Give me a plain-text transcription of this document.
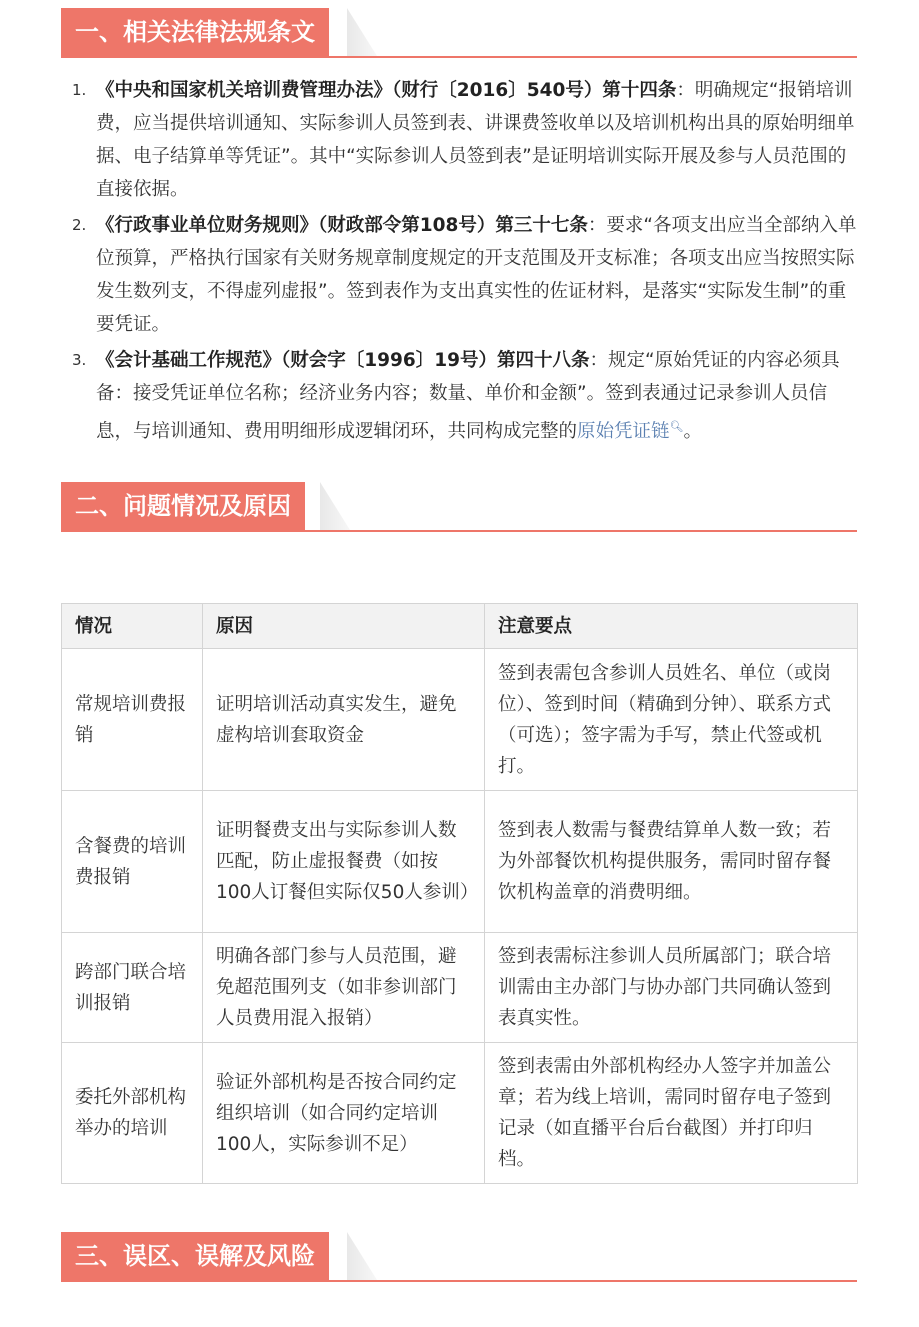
一、相关法律法规条文
1. 《中央和国家机关培训费管理办法》（财行〔2016〕540号）第十四条：明确规定“报销培训费，应当提供培训通知、实际参训人员签到表、讲课费签收单以及培训机构出具的原始明细单据、电子结算单等凭证”。其中“实际参训人员签到表”是证明培训实际开展及参与人员范围的直接依据。
2. 《行政事业单位财务规则》（财政部令第108号）第三十七条：要求“各项支出应当全部纳入单位预算，严格执行国家有关财务规章制度规定的开支范围及开支标准；各项支出应当按照实际发生数列支，不得虚列虚报”。签到表作为支出真实性的佐证材料，是落实“实际发生制”的重要凭证。
3. 《会计基础工作规范》（财会字〔1996〕19号）第四十八条：规定“原始凭证的内容必须具备：接受凭证单位名称；经济业务内容；数量、单价和金额”。签到表通过记录参训人员信息，与培训通知、费用明细形成逻辑闭环，共同构成完整的原始凭证链🔍︎。
二、问题情况及原因
情况	原因	注意要点
常规培训费报销	证明培训活动真实发生，避免虚构培训套取资金	签到表需包含参训人员姓名、单位（或岗位）、签到时间（精确到分钟）、联系方式（可选）；签字需为手写，禁止代签或机打。
含餐费的培训费报销	证明餐费支出与实际参训人数匹配，防止虚报餐费（如按100人订餐但实际仅50人参训）	签到表人数需与餐费结算单人数一致；若为外部餐饮机构提供服务，需同时留存餐饮机构盖章的消费明细。
跨部门联合培训报销	明确各部门参与人员范围，避免超范围列支（如非参训部门人员费用混入报销）	签到表需标注参训人员所属部门；联合培训需由主办部门与协办部门共同确认签到表真实性。
委托外部机构举办的培训	验证外部机构是否按合同约定组织培训（如合同约定培训100人，实际参训不足）	签到表需由外部机构经办人签字并加盖公章；若为线上培训，需同时留存电子签到记录（如直播平台后台截图）并打印归档。
三、误区、误解及风险
